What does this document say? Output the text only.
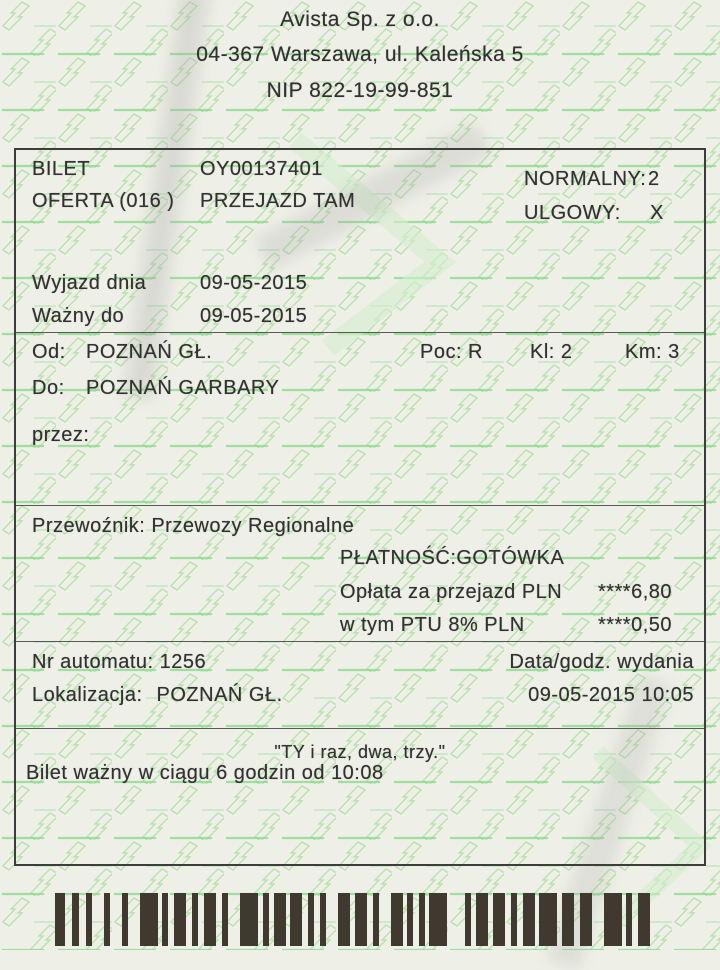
Avista Sp. z o.o.
04-367 Warszawa, ul. Kaleńska 5
NIP 822-19-99-851
BILET	OY00137401
OFERTA (016 ) PRZEJAZD TAM
NORMALNY: 2
ULGOWY: X
Wyjazd dnia	09-05-2015
Ważny do	09-05-2015
Od: POZNAŃ GŁ.	Poc: R Kl: 2	Km: 3
Do: POZNAŃ GARBARY
przez:
Przewoźnik: Przewozy Regionalne
PŁATNOŚĆ:GOTÓWKA
Opłata za przejazd PLN ****6,80
w tym PTU 8% PLN	****0,50
Nr automatu: 1256	Data/godz. wydania
Lokalizacja: POZNAŃ GŁ.	09-05-2015 10:05
"TY i raz, dwa, trzy."
Bilet ważny w ciągu 6 godzin od 10:08
